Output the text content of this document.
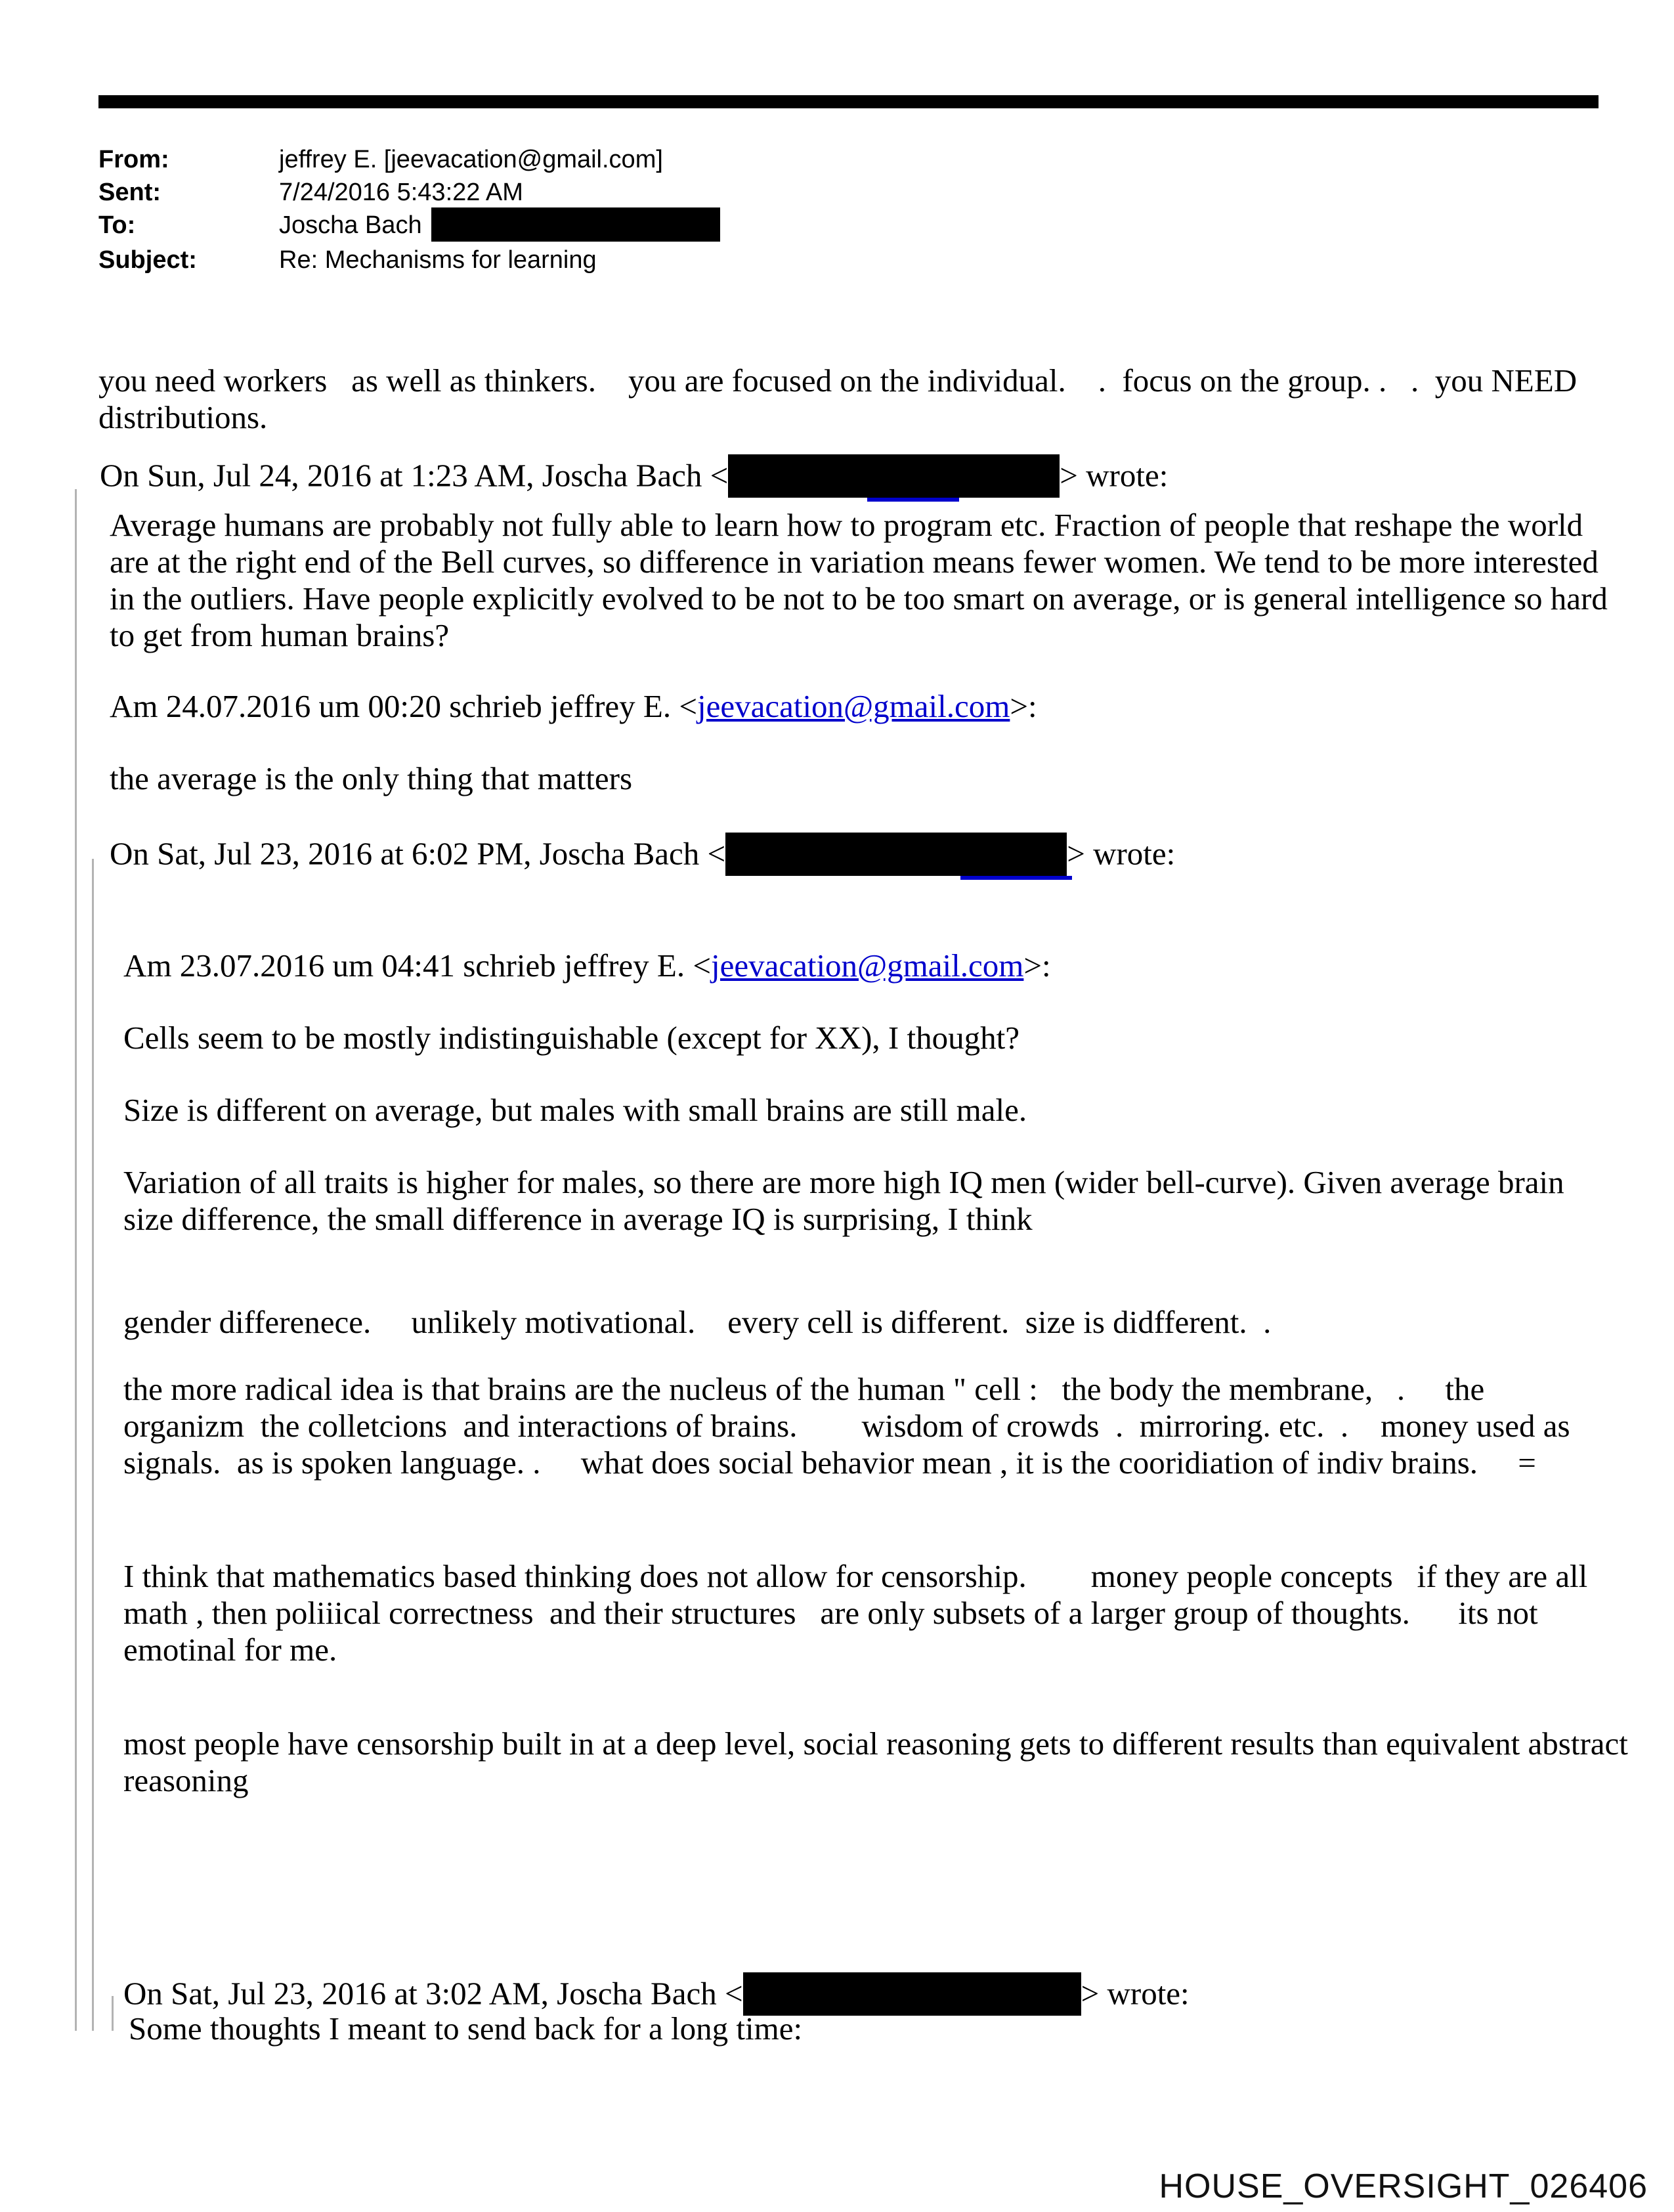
From:	jeffrey E. [jeevacation@gmail.com]
Sent:	7/24/2016 5:43:22 AM
To:	Joscha Bach
Subject:	Re: Mechanisms for learning
you need workers   as well as thinkers.    you are focused on the individual.    .  focus on the group. .   .  you NEED distributions.
On Sun, Jul 24, 2016 at 1:23 AM, Joscha Bach <	> wrote:
Average humans are probably not fully able to learn how to program etc. Fraction of people that reshape the world are at the right end of the Bell curves, so difference in variation means fewer women. We tend to be more interested in the outliers. Have people explicitly evolved to be not to be too smart on average, or is general intelligence so hard to get from human brains?
Am 24.07.2016 um 00:20 schrieb jeffrey E. <jeevacation@gmail.com>:
the average is the only thing that matters
On Sat, Jul 23, 2016 at 6:02 PM, Joscha Bach <	> wrote:
Am 23.07.2016 um 04:41 schrieb jeffrey E. <jeevacation@gmail.com>:
Cells seem to be mostly indistinguishable (except for XX), I thought?
Size is different on average, but males with small brains are still male.
Variation of all traits is higher for males, so there are more high IQ men (wider bell-curve). Given average brain size difference, the small difference in average IQ is surprising, I think
gender differenece.     unlikely motivational.    every cell is different.  size is didfferent.  .
the more radical idea is that brains are the nucleus of the human " cell :   the body the membrane,   .     the organizm  the colletcions  and interactions of brains.        wisdom of crowds  .  mirroring. etc.  .    money used as signals.  as is spoken language. .     what does social behavior mean , it is the cooridiation of indiv brains.     =
I think that mathematics based thinking does not allow for censorship.        money people concepts   if they are all math , then poliiical correctness  and their structures   are only subsets of a larger group of thoughts.      its not emotinal for me.
most people have censorship built in at a deep level, social reasoning gets to different results than equivalent abstract reasoning
On Sat, Jul 23, 2016 at 3:02 AM, Joscha Bach <	> wrote:
Some thoughts I meant to send back for a long time:
HOUSE_OVERSIGHT_026406
